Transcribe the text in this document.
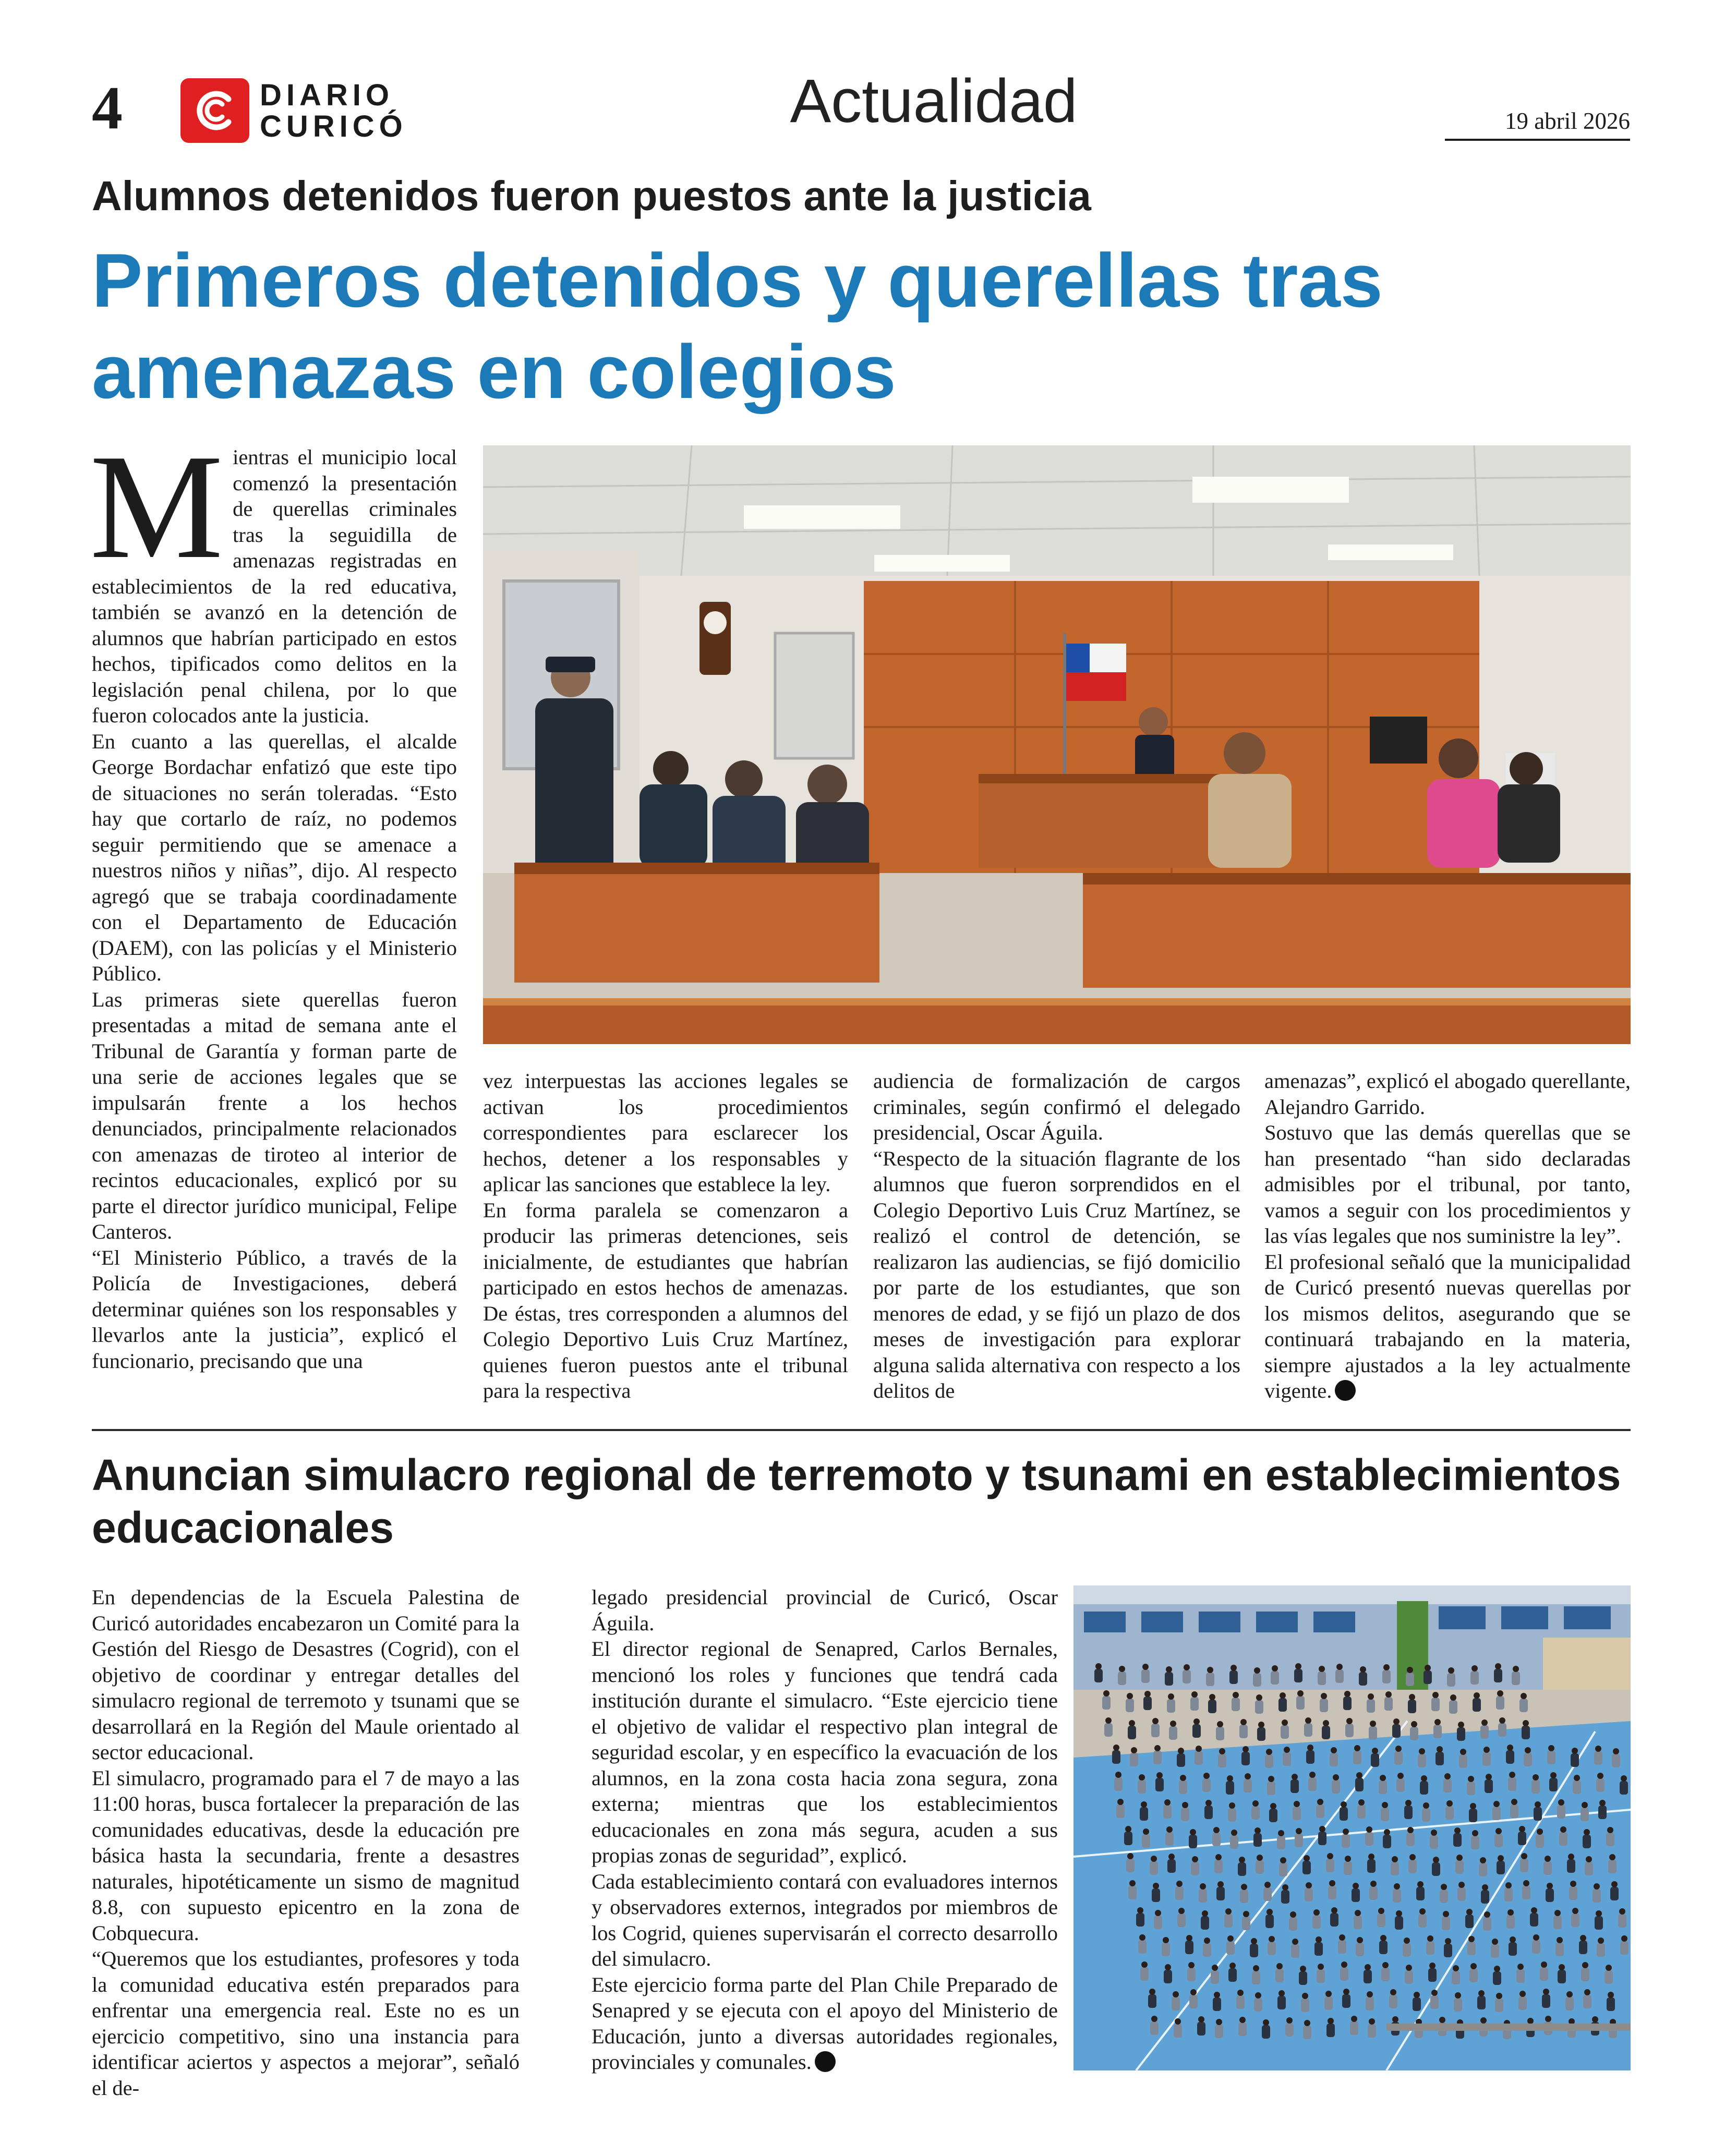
4	DIARIO
CURICÓ	Actualidad	19 abril 2026
Alumnos detenidos fueron puestos ante la justicia
Primeros detenidos y querellas tras amenazas en colegios

Mientras el municipio local comenzó la presentación de querellas criminales tras la seguidilla de amenazas registradas en establecimientos de la red educativa, también se avanzó en la detención de alumnos que habrían participado en estos hechos, tipificados como delitos en la legislación penal chilena, por lo que fueron colocados ante la justicia.

En cuanto a las querellas, el alcalde George Bordachar enfatizó que este tipo de situaciones no serán toleradas. “Esto hay que cortarlo de raíz, no podemos seguir permitiendo que se amenace a nuestros niños y niñas”, dijo. Al respecto agregó que se trabaja coordinadamente con el Departamento de Educación (DAEM), con las policías y el Ministerio Público.

Las primeras siete querellas fueron presentadas a mitad de semana ante el Tribunal de Garantía y forman parte de una serie de acciones legales que se impulsarán frente a los hechos denunciados, principalmente relacionados con amenazas de tiroteo al interior de recintos educacionales, explicó por su parte el director jurídico municipal, Felipe Canteros.

“El Ministerio Público, a través de la Policía de Investigaciones, deberá determinar quiénes son los responsables y llevarlos ante la justicia”, explicó el funcionario, precisando que una

vez interpuestas las acciones legales se activan los procedimientos correspondientes para esclarecer los hechos, detener a los responsables y aplicar las sanciones que establece la ley.

En forma paralela se comenzaron a producir las primeras detenciones, seis inicialmente, de estudiantes que habrían participado en estos hechos de amenazas. De éstas, tres corresponden a alumnos del Colegio Deportivo Luis Cruz Martínez, quienes fueron puestos ante el tribunal para la respectiva

audiencia de formalización de cargos criminales, según confirmó el delegado presidencial, Oscar Águila.

“Respecto de la situación flagrante de los alumnos que fueron sorprendidos en el Colegio Deportivo Luis Cruz Martínez, se realizó el control de detención, se realizaron las audiencias, se fijó domicilio por parte de los estudiantes, que son menores de edad, y se fijó un plazo de dos meses de investigación para explorar alguna salida alternativa con respecto a los delitos de

amenazas”, explicó el abogado querellante, Alejandro Garrido.

Sostuvo que las demás querellas que se han presentado “han sido declaradas admisibles por el tribunal, por tanto, vamos a seguir con los procedimientos y las vías legales que nos suministre la ley”.

El profesional señaló que la municipalidad de Curicó presentó nuevas querellas por los mismos delitos, asegurando que se continuará trabajando en la materia, siempre ajustados a la ley actualmente vigente.

Anuncian simulacro regional de terremoto y tsunami en establecimientos educacionales

En dependencias de la Escuela Palestina de Curicó autoridades encabezaron un Comité para la Gestión del Riesgo de Desastres (Cogrid), con el objetivo de coordinar y entregar detalles del simulacro regional de terremoto y tsunami que se desarrollará en la Región del Maule orientado al sector educacional.

El simulacro, programado para el 7 de mayo a las 11:00 horas, busca fortalecer la preparación de las comunidades educativas, desde la educación pre básica hasta la secundaria, frente a desastres naturales, hipotéticamente un sismo de magnitud 8.8, con supuesto epicentro en la zona de Cobquecura.

“Queremos que los estudiantes, profesores y toda la comunidad educativa estén preparados para enfrentar una emergencia real. Este no es un ejercicio competitivo, sino una instancia para identificar aciertos y aspectos a mejorar”, señaló el de-

legado presidencial provincial de Curicó, Oscar Águila.

El director regional de Senapred, Carlos Bernales, mencionó los roles y funciones que tendrá cada institución durante el simulacro. “Este ejercicio tiene el objetivo de validar el respectivo plan integral de seguridad escolar, y en específico la evacuación de los alumnos, en la zona costa hacia zona segura, zona externa; mientras que los establecimientos educacionales en zona más segura, acuden a sus propias zonas de seguridad”, explicó.

Cada establecimiento contará con evaluadores internos y observadores externos, integrados por miembros de los Cogrid, quienes supervisarán el correcto desarrollo del simulacro.

Este ejercicio forma parte del Plan Chile Preparado de Senapred y se ejecuta con el apoyo del Ministerio de Educación, junto a diversas autoridades regionales, provinciales y comunales.
